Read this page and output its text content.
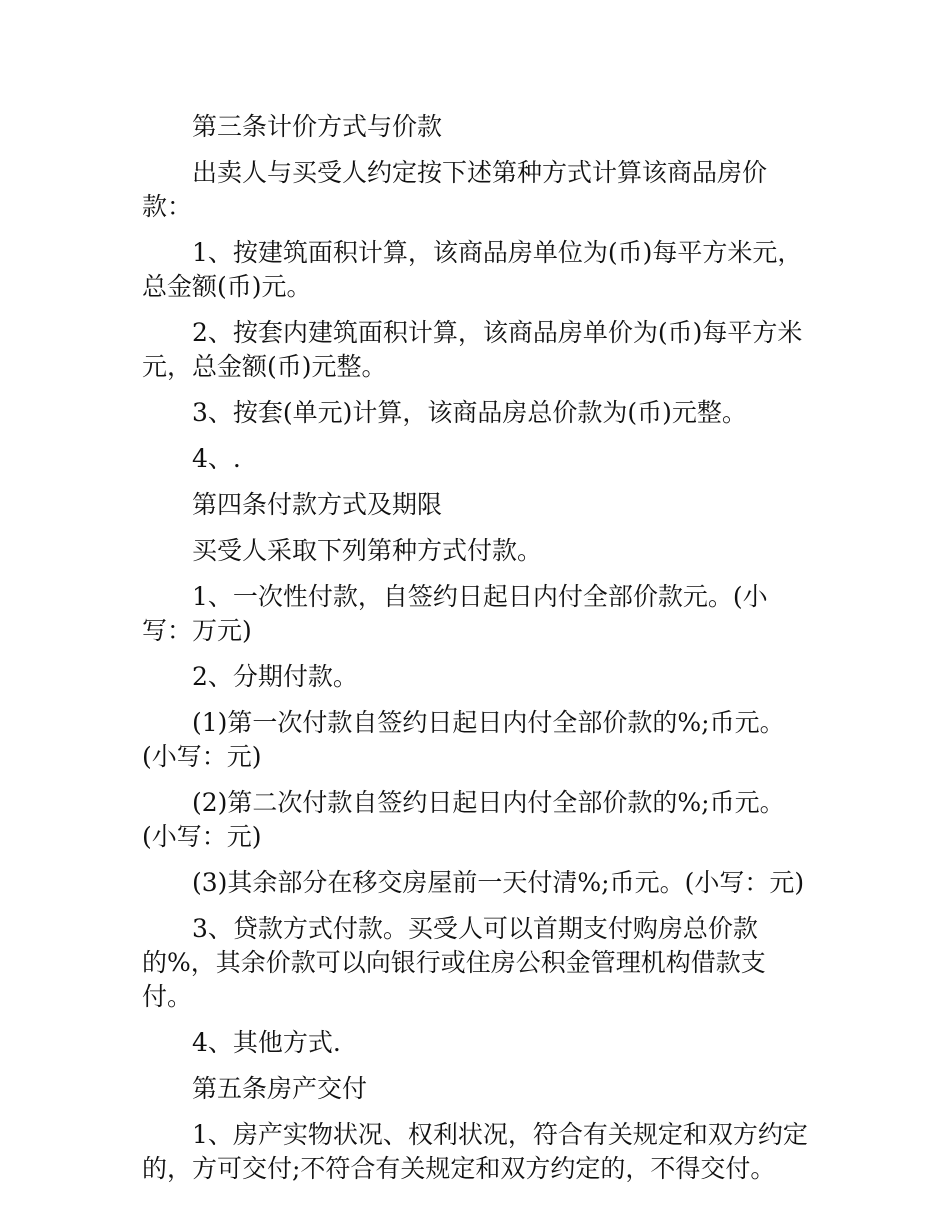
第三条计价方式与价款

出卖人与买受人约定按下述第种方式计算该商品房价款：

1、按建筑面积计算，该商品房单位为(币)每平方米元，总金额(币)元。

2、按套内建筑面积计算，该商品房单价为(币)每平方米元，总金额(币)元整。

3、按套(单元)计算，该商品房总价款为(币)元整。

4、.

第四条付款方式及期限

买受人采取下列第种方式付款。

1、一次性付款，自签约日起日内付全部价款元。(小写：万元)

2、分期付款。

(1)第一次付款自签约日起日内付全部价款的%;币元。(小写：元)

(2)第二次付款自签约日起日内付全部价款的%;币元。(小写：元)

(3)其余部分在移交房屋前一天付清%;币元。(小写：元)

3、贷款方式付款。买受人可以首期支付购房总价款的%，其余价款可以向银行或住房公积金管理机构借款支付。

4、其他方式.

第五条房产交付

1、房产实物状况、权利状况，符合有关规定和双方约定的，方可交付;不符合有关规定和双方约定的，不得交付。
